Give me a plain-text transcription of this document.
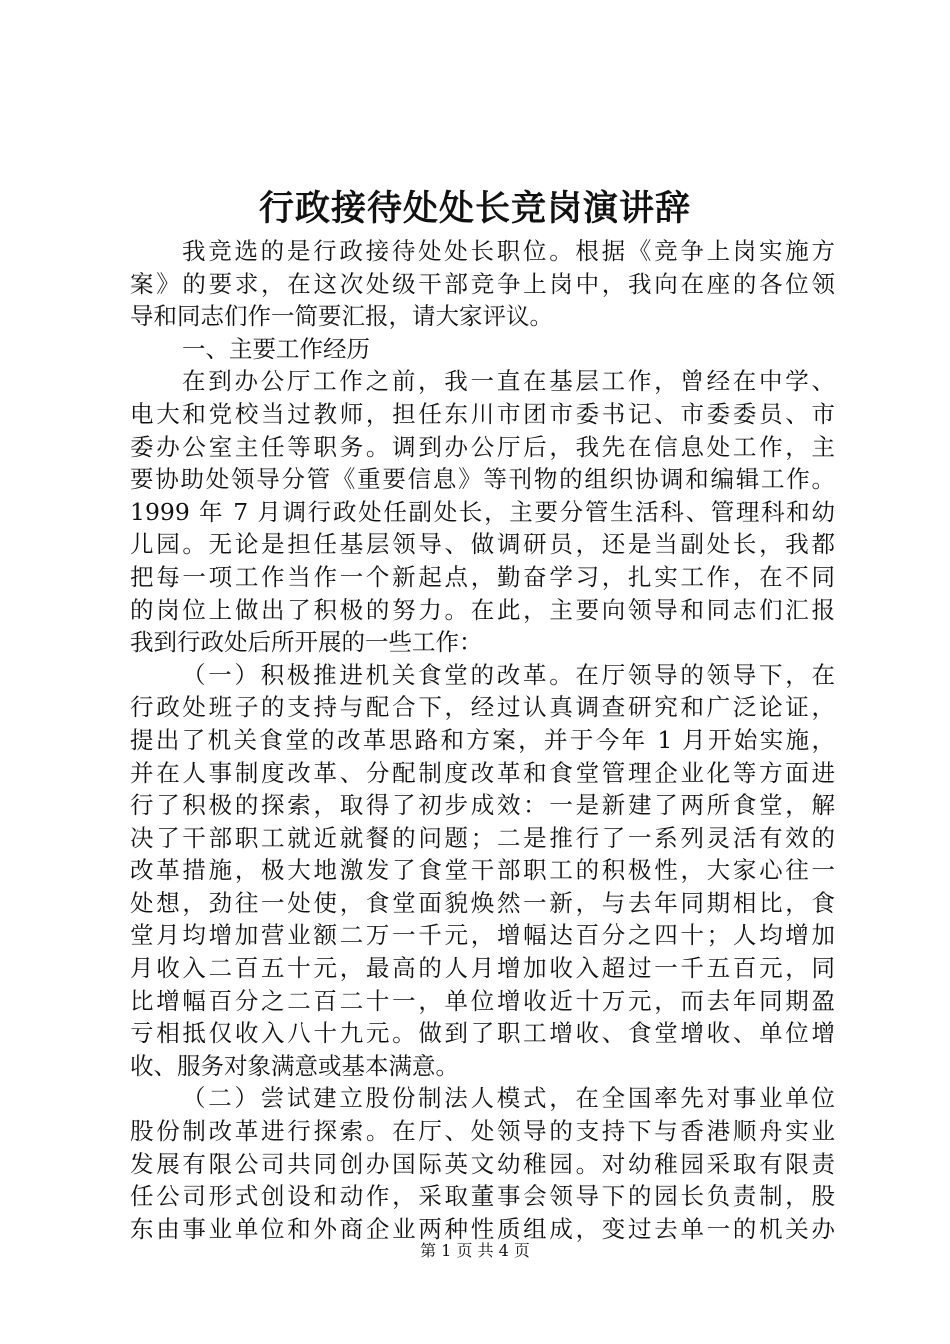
行政接待处处长竞岗演讲辞
我竞选的是行政接待处处长职位。根据《竞争上岗实施方
案》的要求，在这次处级干部竞争上岗中，我向在座的各位领
导和同志们作一简要汇报，请大家评议。
一、主要工作经历
在到办公厅工作之前，我一直在基层工作，曾经在中学、
电大和党校当过教师，担任东川市团市委书记、市委委员、市
委办公室主任等职务。调到办公厅后，我先在信息处工作，主
要协助处领导分管《重要信息》等刊物的组织协调和编辑工作。
1999 年 7 月调行政处任副处长，主要分管生活科、管理科和幼
儿园。无论是担任基层领导、做调研员，还是当副处长，我都
把每一项工作当作一个新起点，勤奋学习，扎实工作，在不同
的岗位上做出了积极的努力。在此，主要向领导和同志们汇报
我到行政处后所开展的一些工作：
（一）积极推进机关食堂的改革。在厅领导的领导下，在
行政处班子的支持与配合下，经过认真调查研究和广泛论证，
提出了机关食堂的改革思路和方案，并于今年 1 月开始实施，
并在人事制度改革、分配制度改革和食堂管理企业化等方面进
行了积极的探索，取得了初步成效：一是新建了两所食堂，解
决了干部职工就近就餐的问题；二是推行了一系列灵活有效的
改革措施，极大地激发了食堂干部职工的积极性，大家心往一
处想，劲往一处使，食堂面貌焕然一新，与去年同期相比，食
堂月均增加营业额二万一千元，增幅达百分之四十；人均增加
月收入二百五十元，最高的人月增加收入超过一千五百元，同
比增幅百分之二百二十一，单位增收近十万元，而去年同期盈
亏相抵仅收入八十九元。做到了职工增收、食堂增收、单位增
收、服务对象满意或基本满意。
（二）尝试建立股份制法人模式，在全国率先对事业单位
股份制改革进行探索。在厅、处领导的支持下与香港顺舟实业
发展有限公司共同创办国际英文幼稚园。对幼稚园采取有限责
任公司形式创设和动作，采取董事会领导下的园长负责制，股
东由事业单位和外商企业两种性质组成，变过去单一的机关办
第 1 页 共 4 页
